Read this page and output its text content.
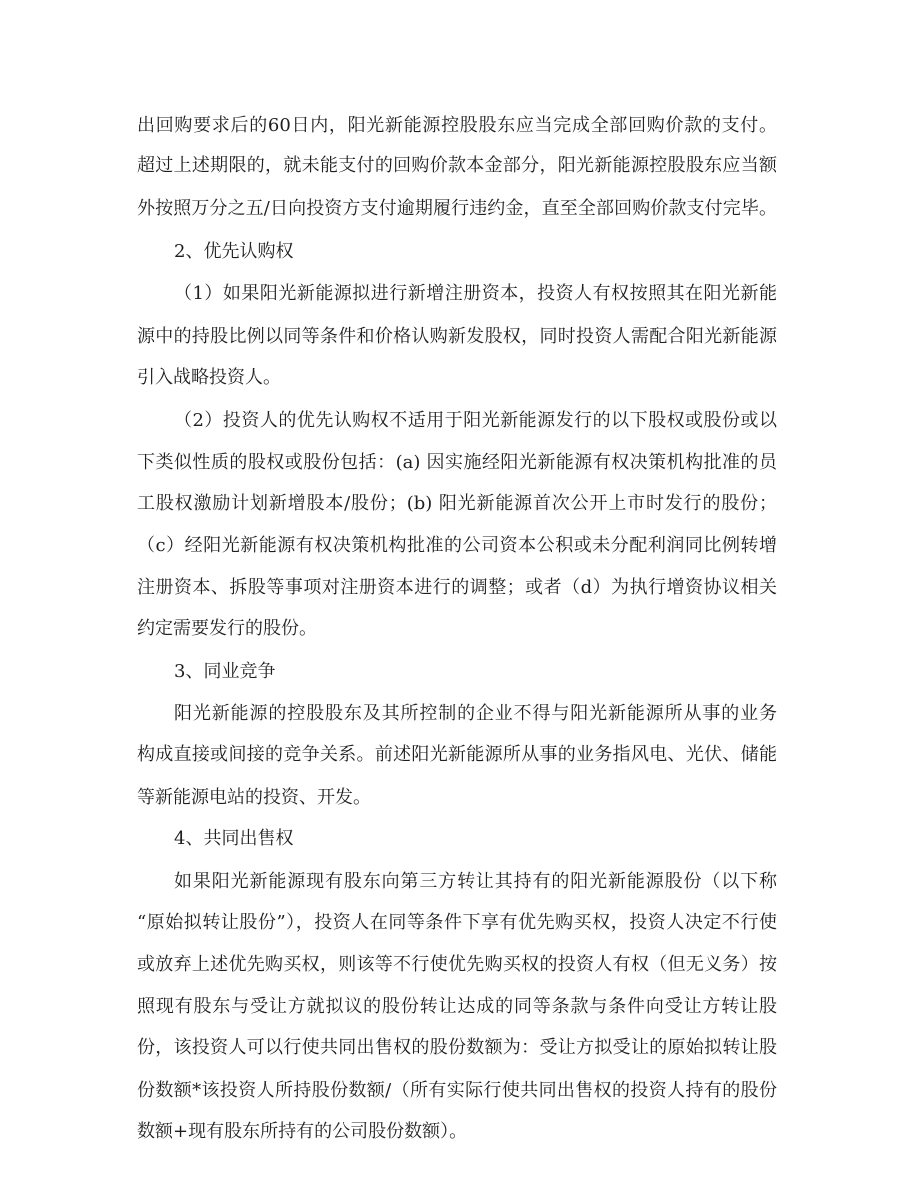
出回购要求后的60日内，阳光新能源控股股东应当完成全部回购价款的支付。
超过上述期限的，就未能支付的回购价款本金部分，阳光新能源控股股东应当额
外按照万分之五/日向投资方支付逾期履行违约金，直至全部回购价款支付完毕。
2、优先认购权
（1）如果阳光新能源拟进行新增注册资本，投资人有权按照其在阳光新能
源中的持股比例以同等条件和价格认购新发股权，同时投资人需配合阳光新能源
引入战略投资人。
（2）投资人的优先认购权不适用于阳光新能源发行的以下股权或股份或以
下类似性质的股权或股份包括：(a) 因实施经阳光新能源有权决策机构批准的员
工股权激励计划新增股本/股份；(b) 阳光新能源首次公开上市时发行的股份；
（c）经阳光新能源有权决策机构批准的公司资本公积或未分配利润同比例转增
注册资本、拆股等事项对注册资本进行的调整；或者（d）为执行增资协议相关
约定需要发行的股份。
3、同业竞争
阳光新能源的控股股东及其所控制的企业不得与阳光新能源所从事的业务
构成直接或间接的竞争关系。前述阳光新能源所从事的业务指风电、光伏、储能
等新能源电站的投资、开发。
4、共同出售权
如果阳光新能源现有股东向第三方转让其持有的阳光新能源股份（以下称
“原始拟转让股份”），投资人在同等条件下享有优先购买权，投资人决定不行使
或放弃上述优先购买权，则该等不行使优先购买权的投资人有权（但无义务）按
照现有股东与受让方就拟议的股份转让达成的同等条款与条件向受让方转让股
份，该投资人可以行使共同出售权的股份数额为：受让方拟受让的原始拟转让股
份数额*该投资人所持股份数额/（所有实际行使共同出售权的投资人持有的股份
数额+现有股东所持有的公司股份数额）。
